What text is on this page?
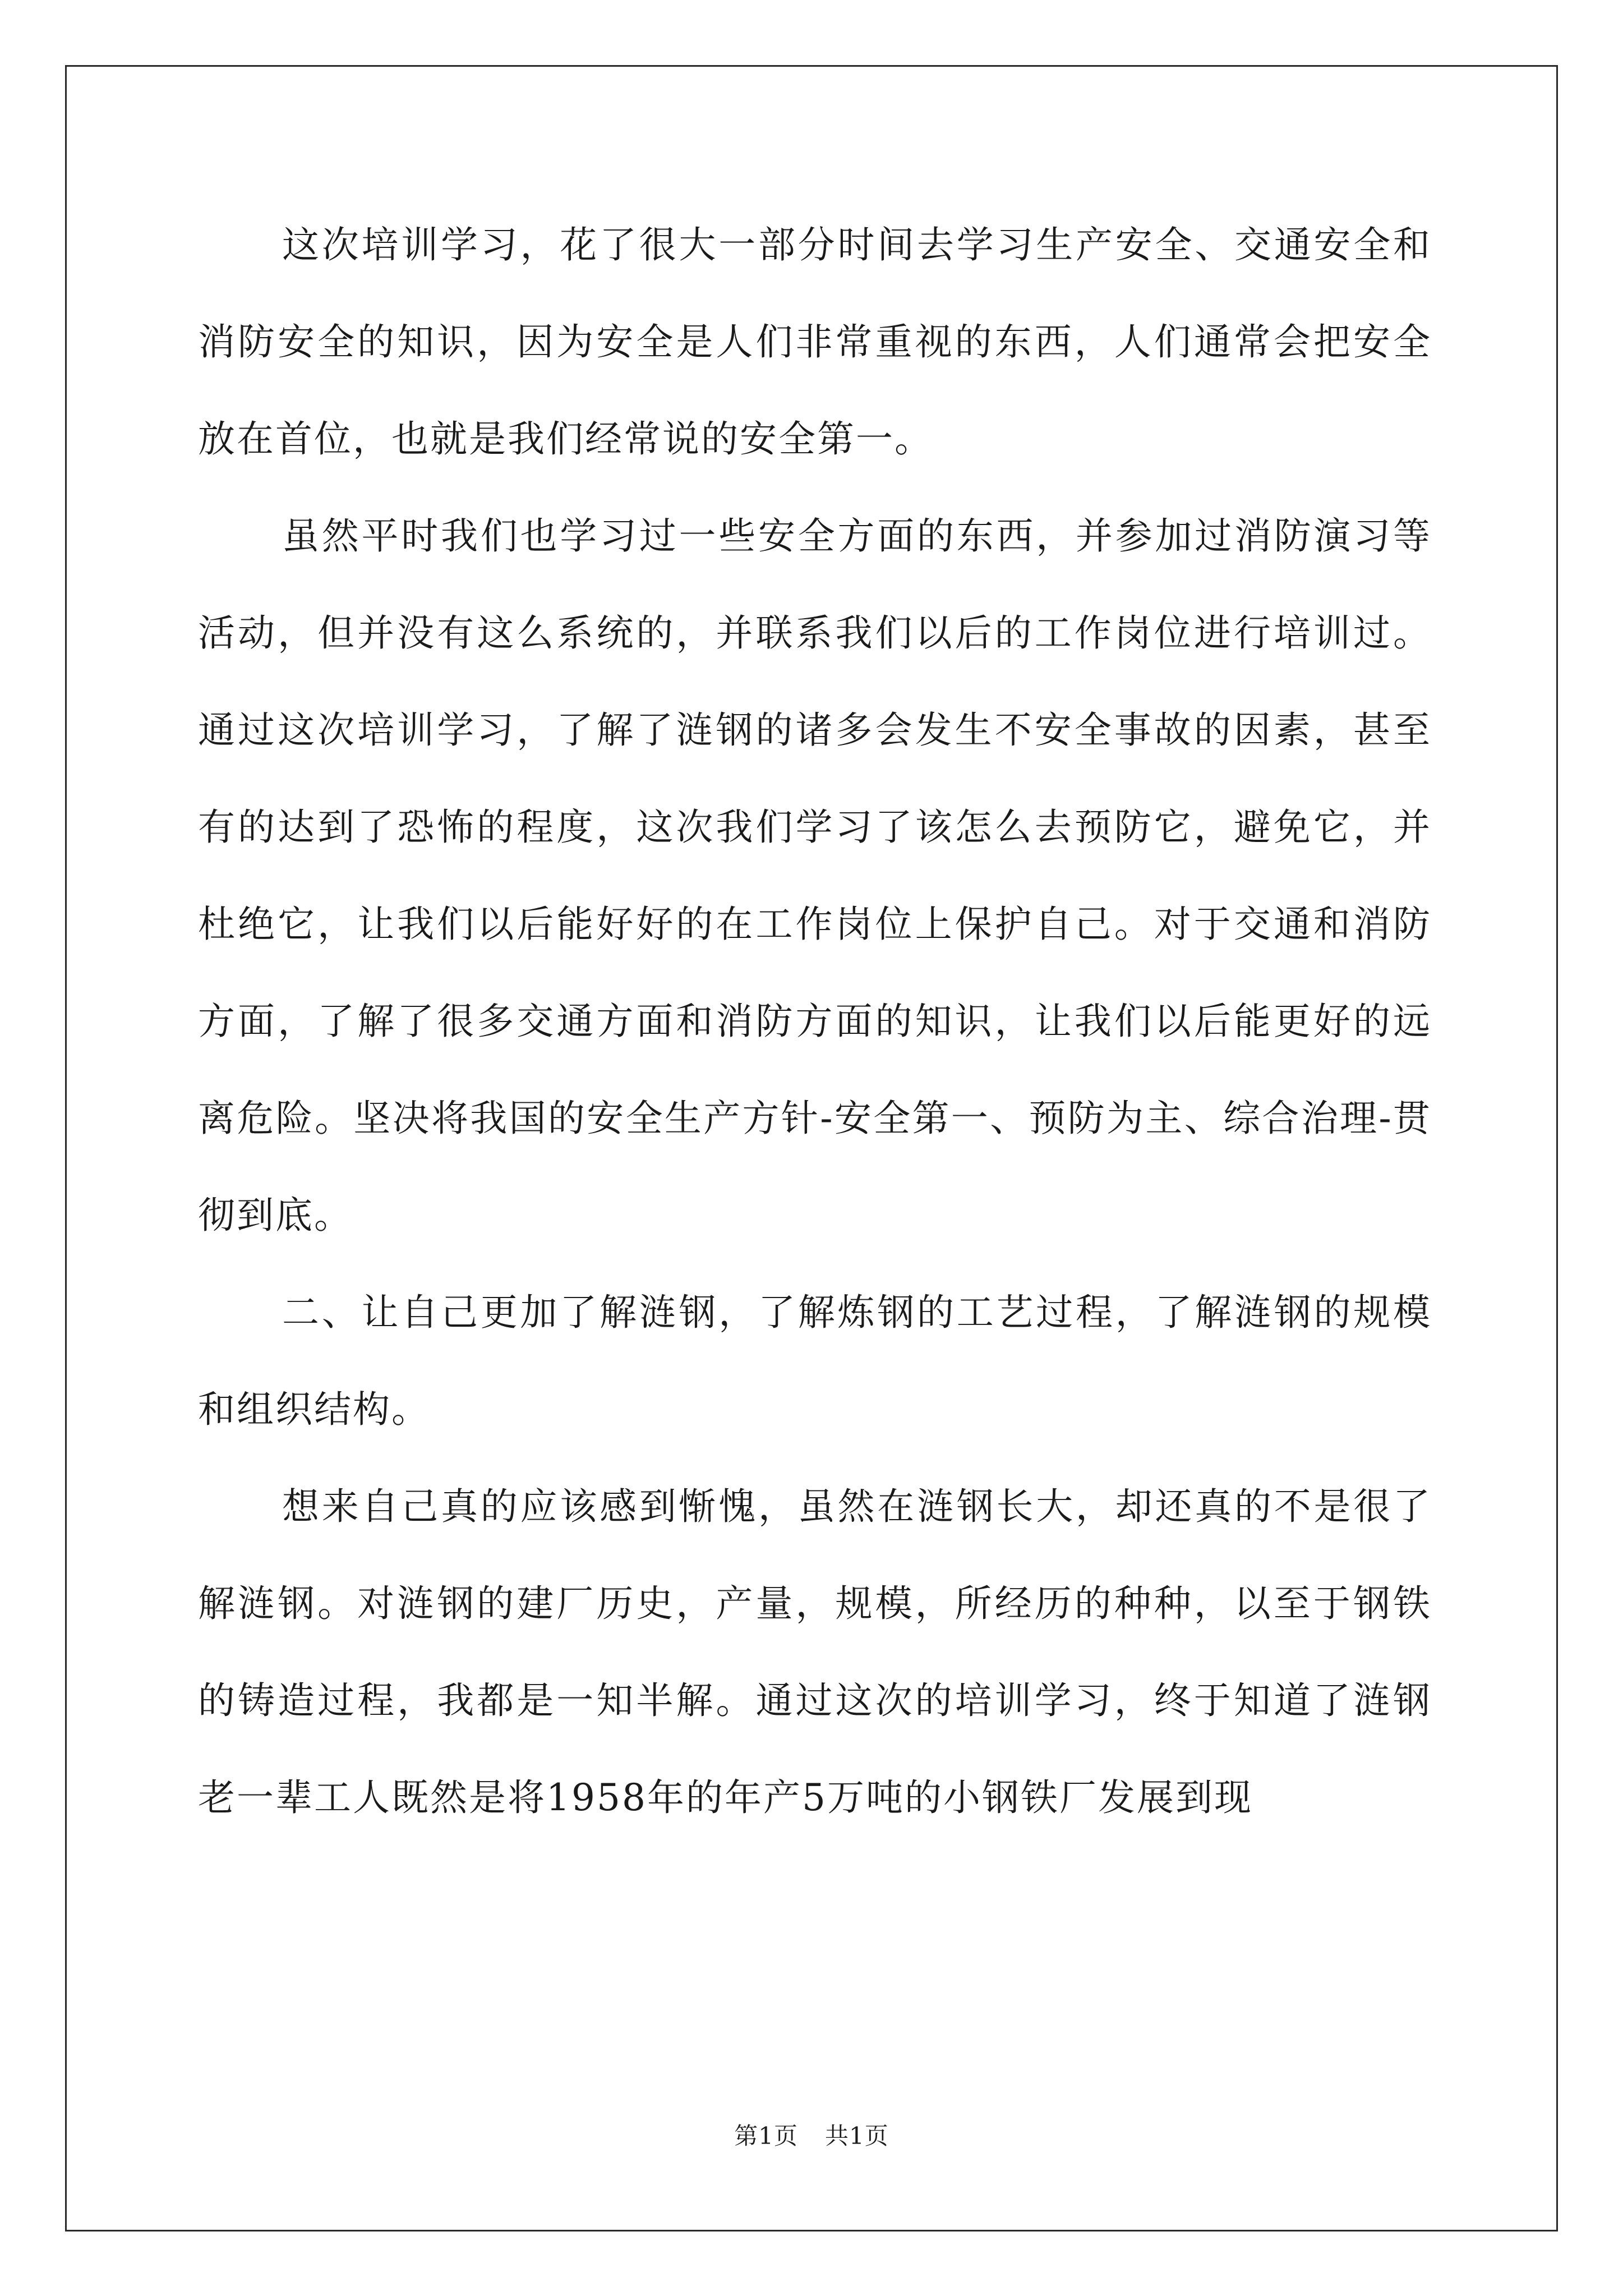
这次培训学习，花了很大一部分时间去学习生产安全、交通安全和消防安全的知识，因为安全是人们非常重视的东西，人们通常会把安全放在首位，也就是我们经常说的安全第一。

虽然平时我们也学习过一些安全方面的东西，并参加过消防演习等活动，但并没有这么系统的，并联系我们以后的工作岗位进行培训过。通过这次培训学习，了解了涟钢的诸多会发生不安全事故的因素，甚至有的达到了恐怖的程度，这次我们学习了该怎么去预防它，避免它，并杜绝它，让我们以后能好好的在工作岗位上保护自己。对于交通和消防方面，了解了很多交通方面和消防方面的知识，让我们以后能更好的远离危险。坚决将我国的安全生产方针-安全第一、预防为主、综合治理-贯彻到底。

二、让自己更加了解涟钢，了解炼钢的工艺过程，了解涟钢的规模和组织结构。

想来自己真的应该感到惭愧，虽然在涟钢长大，却还真的不是很了解涟钢。对涟钢的建厂历史，产量，规模，所经历的种种，以至于钢铁的铸造过程，我都是一知半解。通过这次的培训学习，终于知道了涟钢老一辈工人既然是将1958年的年产5万吨的小钢铁厂发展到现

第1页 共1页
